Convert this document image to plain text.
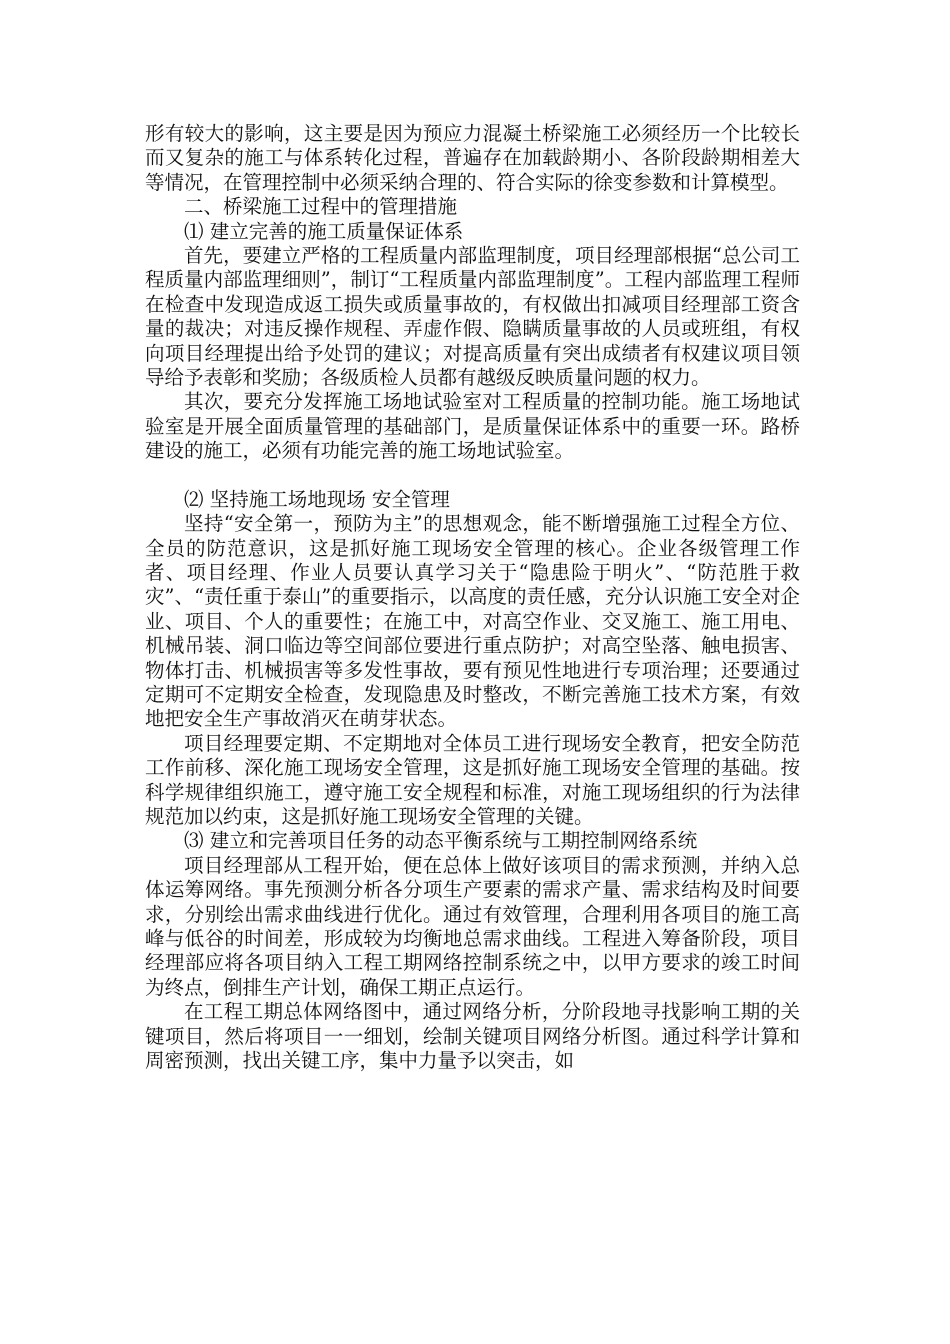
形有较大的影响，这主要是因为预应力混凝土桥梁施工必须经历一个比较长而又复杂的施工与体系转化过程，普遍存在加载龄期小、各阶段龄期相差大等情况，在管理控制中必须采纳合理的、符合实际的徐变参数和计算模型。

二、桥梁施工过程中的管理措施

⑴ 建立完善的施工质量保证体系

首先，要建立严格的工程质量内部监理制度，项目经理部根据“总公司工程质量内部监理细则”，制订“工程质量内部监理制度”。工程内部监理工程师在检查中发现造成返工损失或质量事故的，有权做出扣减项目经理部工资含量的裁决；对违反操作规程、弄虚作假、隐瞒质量事故的人员或班组，有权向项目经理提出给予处罚的建议；对提高质量有突出成绩者有权建议项目领导给予表彰和奖励；各级质检人员都有越级反映质量问题的权力。

其次，要充分发挥施工场地试验室对工程质量的控制功能。施工场地试验室是开展全面质量管理的基础部门，是质量保证体系中的重要一环。路桥建设的施工，必须有功能完善的施工场地试验室。

⑵ 坚持施工场地现场 安全管理

坚持“安全第一，预防为主”的思想观念，能不断增强施工过程全方位、全员的防范意识，这是抓好施工现场安全管理的核心。企业各级管理工作者、项目经理、作业人员要认真学习关于“隐患险于明火”、“防范胜于救灾”、“责任重于泰山”的重要指示，以高度的责任感，充分认识施工安全对企业、项目、个人的重要性；在施工中，对高空作业、交叉施工、施工用电、机械吊装、洞口临边等空间部位要进行重点防护；对高空坠落、触电损害、物体打击、机械损害等多发性事故，要有预见性地进行专项治理；还要通过定期可不定期安全检查，发现隐患及时整改，不断完善施工技术方案，有效地把安全生产事故消灭在萌芽状态。

项目经理要定期、不定期地对全体员工进行现场安全教育，把安全防范工作前移、深化施工现场安全管理，这是抓好施工现场安全管理的基础。按科学规律组织施工，遵守施工安全规程和标准，对施工现场组织的行为法律规范加以约束，这是抓好施工现场安全管理的关键。

⑶ 建立和完善项目任务的动态平衡系统与工期控制网络系统

项目经理部从工程开始，便在总体上做好该项目的需求预测，并纳入总体运筹网络。事先预测分析各分项生产要素的需求产量、需求结构及时间要求，分别绘出需求曲线进行优化。通过有效管理，合理利用各项目的施工高峰与低谷的时间差，形成较为均衡地总需求曲线。工程进入筹备阶段，项目经理部应将各项目纳入工程工期网络控制系统之中，以甲方要求的竣工时间为终点，倒排生产计划，确保工期正点运行。

在工程工期总体网络图中，通过网络分析，分阶段地寻找影响工期的关键项目，然后将项目一一细划，绘制关键项目网络分析图。通过科学计算和周密预测，找出关键工序，集中力量予以突击，如
